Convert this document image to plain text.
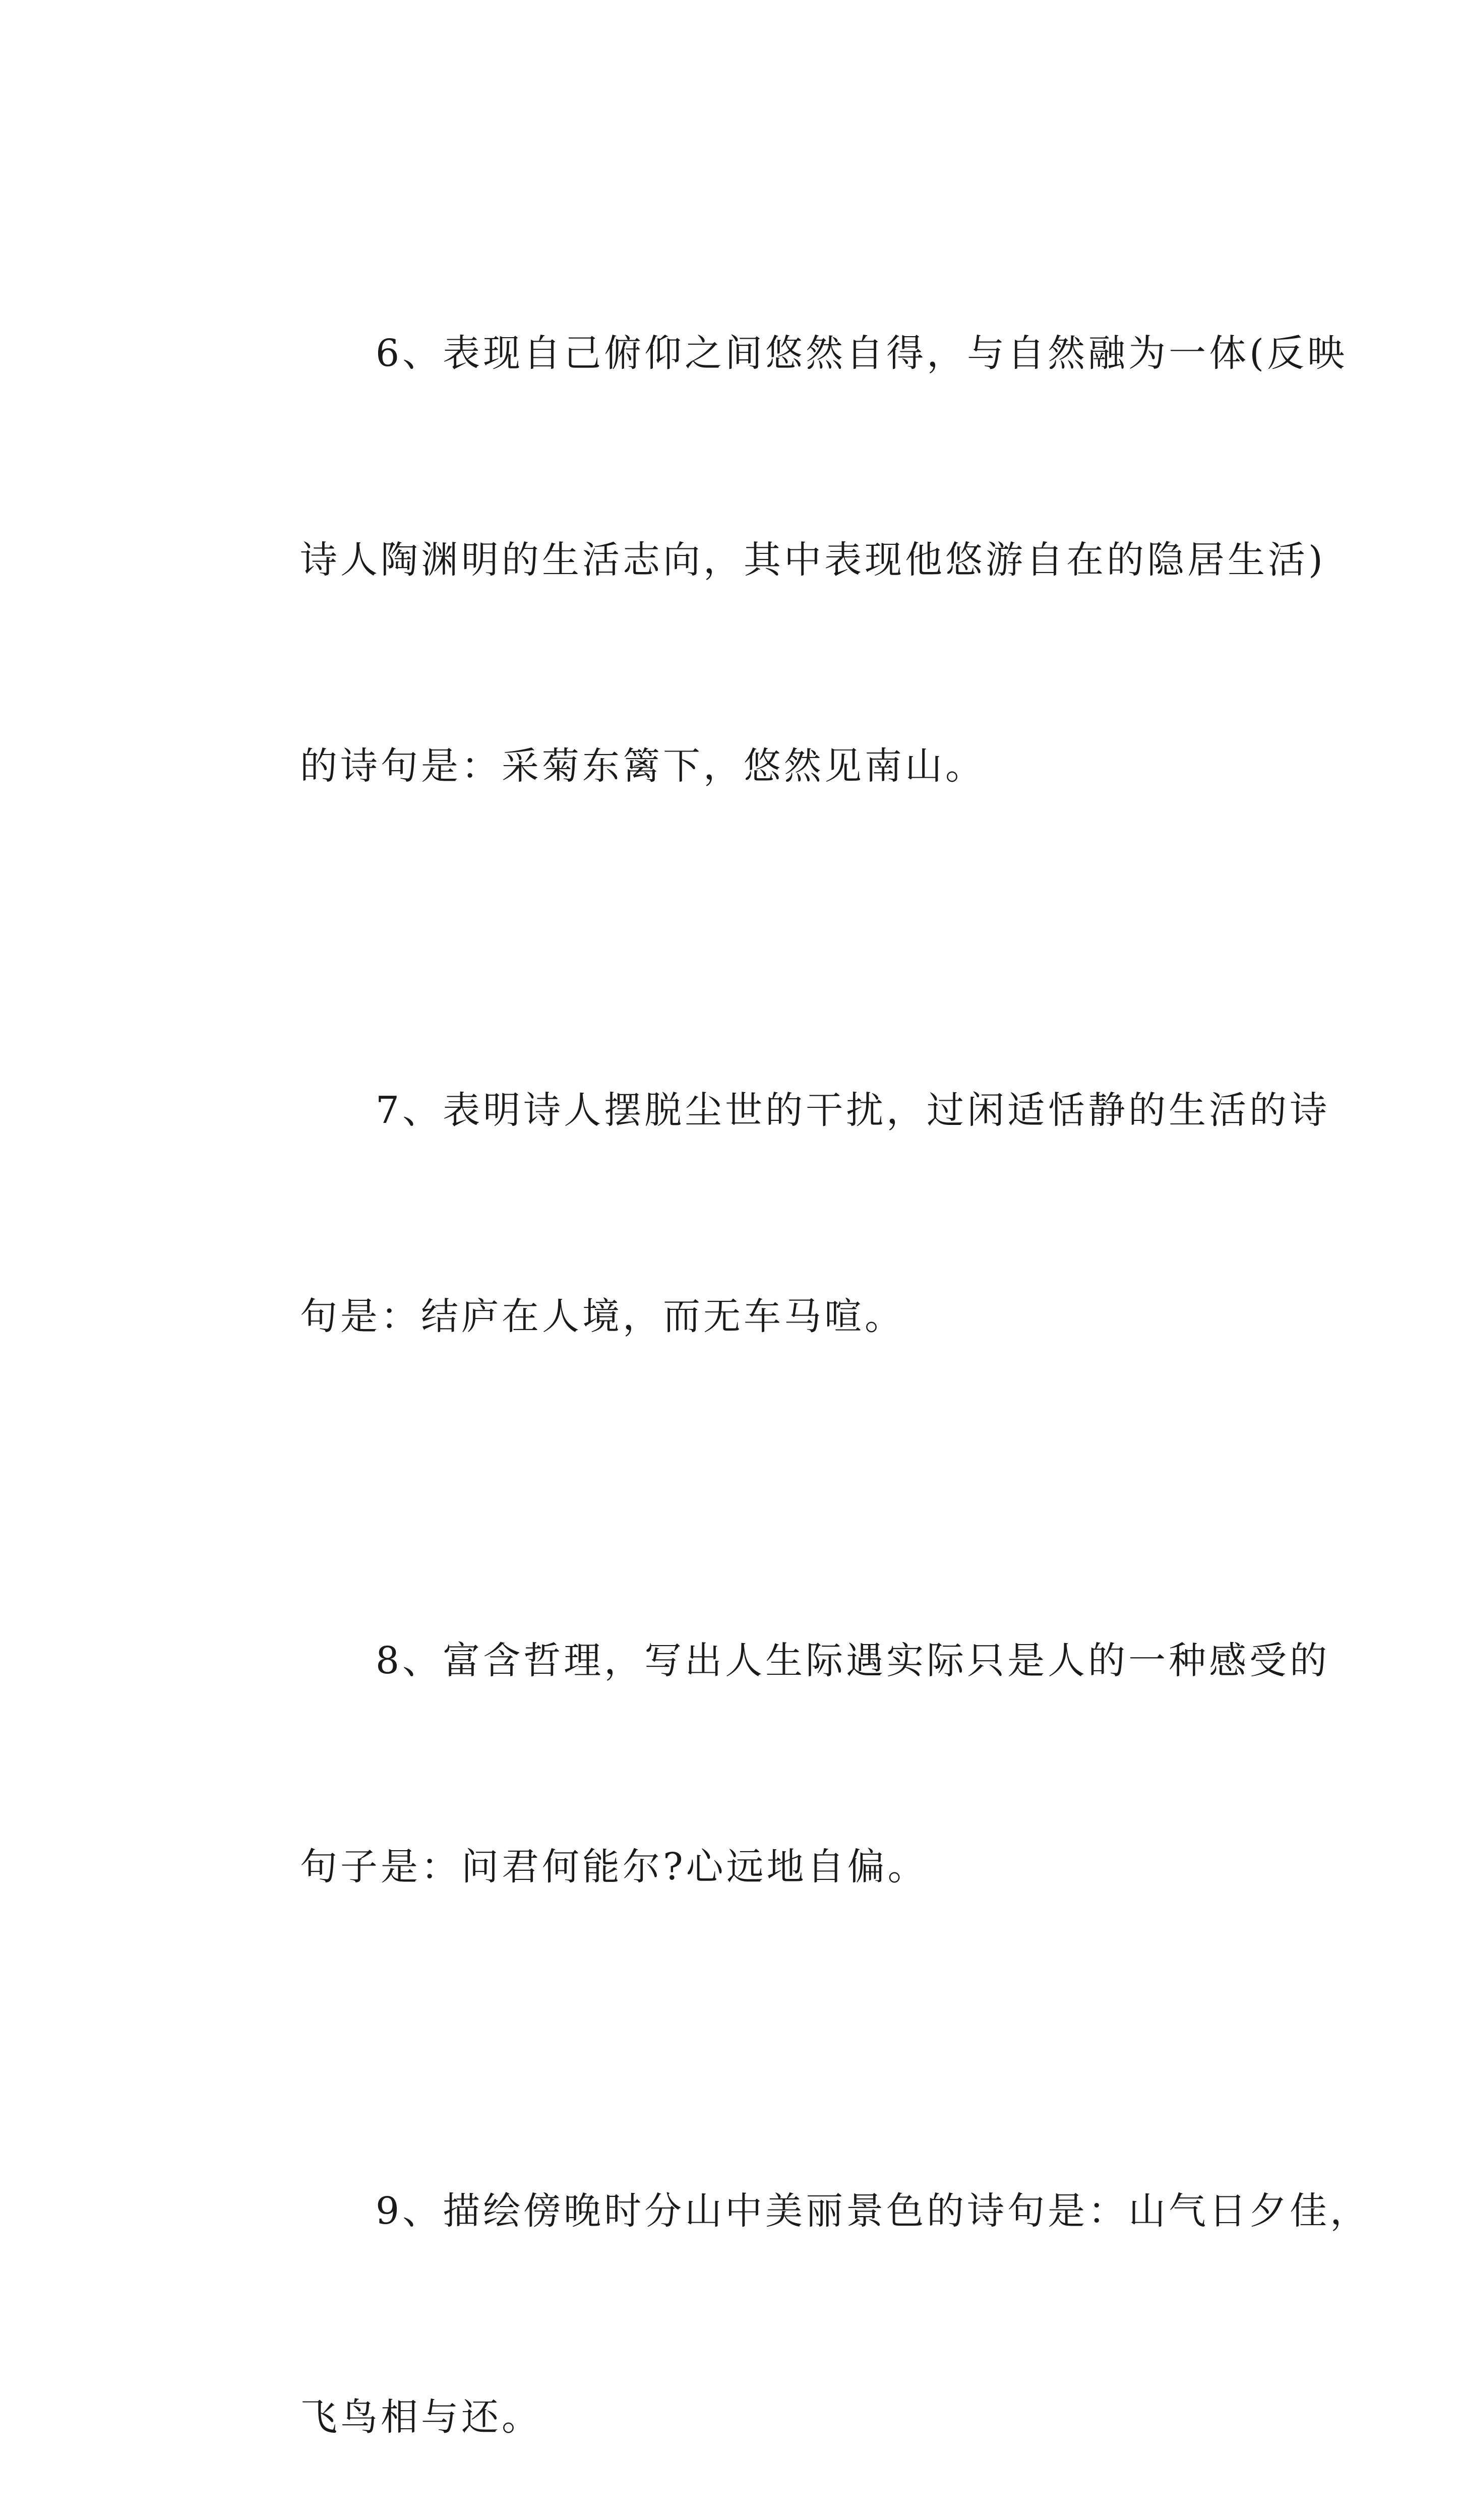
6、表现自己俯仰之间悠然自得，与自然融为一体(反映

诗人陶渊明的生活志向，其中表现他悠游自在的隐居生活)

的诗句是：采菊东篱下，悠然见南山。

7、表明诗人摆脱尘世的干扰，过闲适恬静的生活的诗

句是：结庐在人境，而无车马喧。

8、富含哲理，写出人生际遇实际只是人的一种感受的

句子是：问君何能尔?心远地自偏。

9、描绘傍晚时分山中美丽景色的诗句是：山气日夕佳，

飞鸟相与还。
